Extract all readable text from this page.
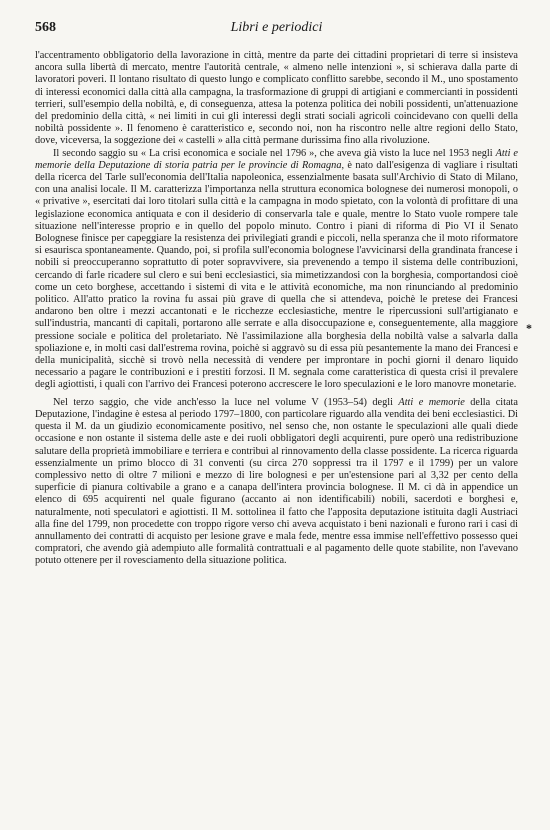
568	Libri e periodici

l'accentramento obbligatorio della lavorazione in città, mentre da parte dei cittadini proprietari di terre si insisteva ancora sulla libertà di mercato, mentre l'autorità centrale, « almeno nelle intenzioni », si schierava dalla parte di lavoratori poveri. Il lontano risultato di questo lungo e complicato conflitto sarebbe, secondo il M., uno spostamento di interessi economici dalla città alla campagna, la trasformazione di gruppi di artigiani e commercianti in possidenti terrieri, sull'esempio della nobiltà, e, di conseguenza, attesa la potenza politica dei nobili possidenti, un'attenuazione del predominio della città, « nei limiti in cui gli interessi degli strati sociali agricoli coincidevano con quelli della nobiltà possidente ». Il fenomeno è caratteristico e, secondo noi, non ha riscontro nelle altre regioni dello Stato, dove, viceversa, la soggezione dei « castelli » alla città permane durissima fino alla rivoluzione.

Il secondo saggio su « La crisi economica e sociale nel 1796 », che aveva già visto la luce nel 1953 negli Atti e memorie della Deputazione di storia patria per le provincie di Romagna, è nato dall'esigenza di vagliare i risultati della ricerca del Tarle sull'economia dell'Italia napoleonica, essenzialmente basata sull'Archivio di Stato di Milano, con una analisi locale. Il M. caratterizza l'importanza nella struttura economica bolognese dei numerosi monopoli, o « privative », esercitati dai loro titolari sulla città e la campagna in modo spietato, con la volontà di profittare di una legislazione economica antiquata e con il desiderio di conservarla tale e quale, mentre lo Stato vuole rompere tale situazione nell'interesse proprio e in quello del popolo minuto. Contro i piani di riforma di Pio VI il Senato Bolognese finisce per capeggiare la resistenza dei privilegiati grandi e piccoli, nella speranza che il moto riformatore si esaurisca spontaneamente. Quando, poi, si profila sull'economia bolognese l'avvicinarsi della grandinata francese i nobili si preoccuperanno soprattutto di poter sopravvivere, sia prevenendo a tempo il sistema delle contribuzioni, cercando di farle ricadere sul clero e sui beni ecclesiastici, sia mimetizzandosi con la borghesia, comportandosi cioè come un ceto borghese, accettando i sistemi di vita e le attività economiche, ma non rinunciando al predominio politico. All'atto pratico la rovina fu assai più grave di quella che si attendeva, poichè le pretese dei Francesi andarono ben oltre i mezzi accantonati e le ricchezze ecclesiastiche, mentre le ripercussioni sull'artigianato e sull'industria, mancanti di capitali, portarono alle serrate e alla disoccupazione e, conseguentemente, alla maggiore pressione sociale e politica del proletariato. Nè l'assimilazione alla borghesia della nobiltà valse a salvarla dalla spoliazione e, in molti casi dall'estrema rovina, poichè si aggravò su di essa più pesantemente la mano dei Francesi e della municipalità, sicchè si trovò nella necessità di vendere per improntare in pochi giorni il denaro liquido necessario a pagare le contribuzioni e i prestiti forzosi. Il M. segnala come caratteristica di questa crisi il prevalere degli agiottisti, i quali con l'arrivo dei Francesi poterono accrescere le loro speculazioni e le loro manovre monetarie.

Nel terzo saggio, che vide anch'esso la luce nel volume V (1953–54) degli Atti e memorie della citata Deputazione, l'indagine è estesa al periodo 1797–1800, con particolare riguardo alla vendita dei beni ecclesiastici. Di questa il M. da un giudizio economicamente positivo, nel senso che, non ostante le speculazioni alle quali diede occasione e non ostante il sistema delle aste e dei ruoli obbligatori degli acquirenti, pure operò una redistribuzione salutare della proprietà immobiliare e terriera e contribuì al rinnovamento della classe possidente. La ricerca riguarda essenzialmente un primo blocco di 31 conventi (su circa 270 soppressi tra il 1797 e il 1799) per un valore complessivo netto di oltre 7 milioni e mezzo di lire bolognesi e per un'estensione pari al 3,32 per cento della superficie di pianura coltivabile a grano e a canapa dell'intera provincia bolognese. Il M. ci dà in appendice un elenco di 695 acquirenti nel quale figurano (accanto ai non identificabili) nobili, sacerdoti e borghesi e, naturalmente, noti speculatori e agiottisti. Il M. sottolinea il fatto che l'apposita deputazione istituita dagli Austriaci alla fine del 1799, non procedette con troppo rigore verso chi aveva acquistato i beni nazionali e furono rari i casi di annullamento dei contratti di acquisto per lesione grave e mala fede, mentre essa immise nell'effettivo possesso quei compratori, che avendo già adempiuto alle formalità contrattuali e al pagamento delle quote stabilite, non l'avevano potuto ottenere per il rovesciamento della situazione politica.

*
